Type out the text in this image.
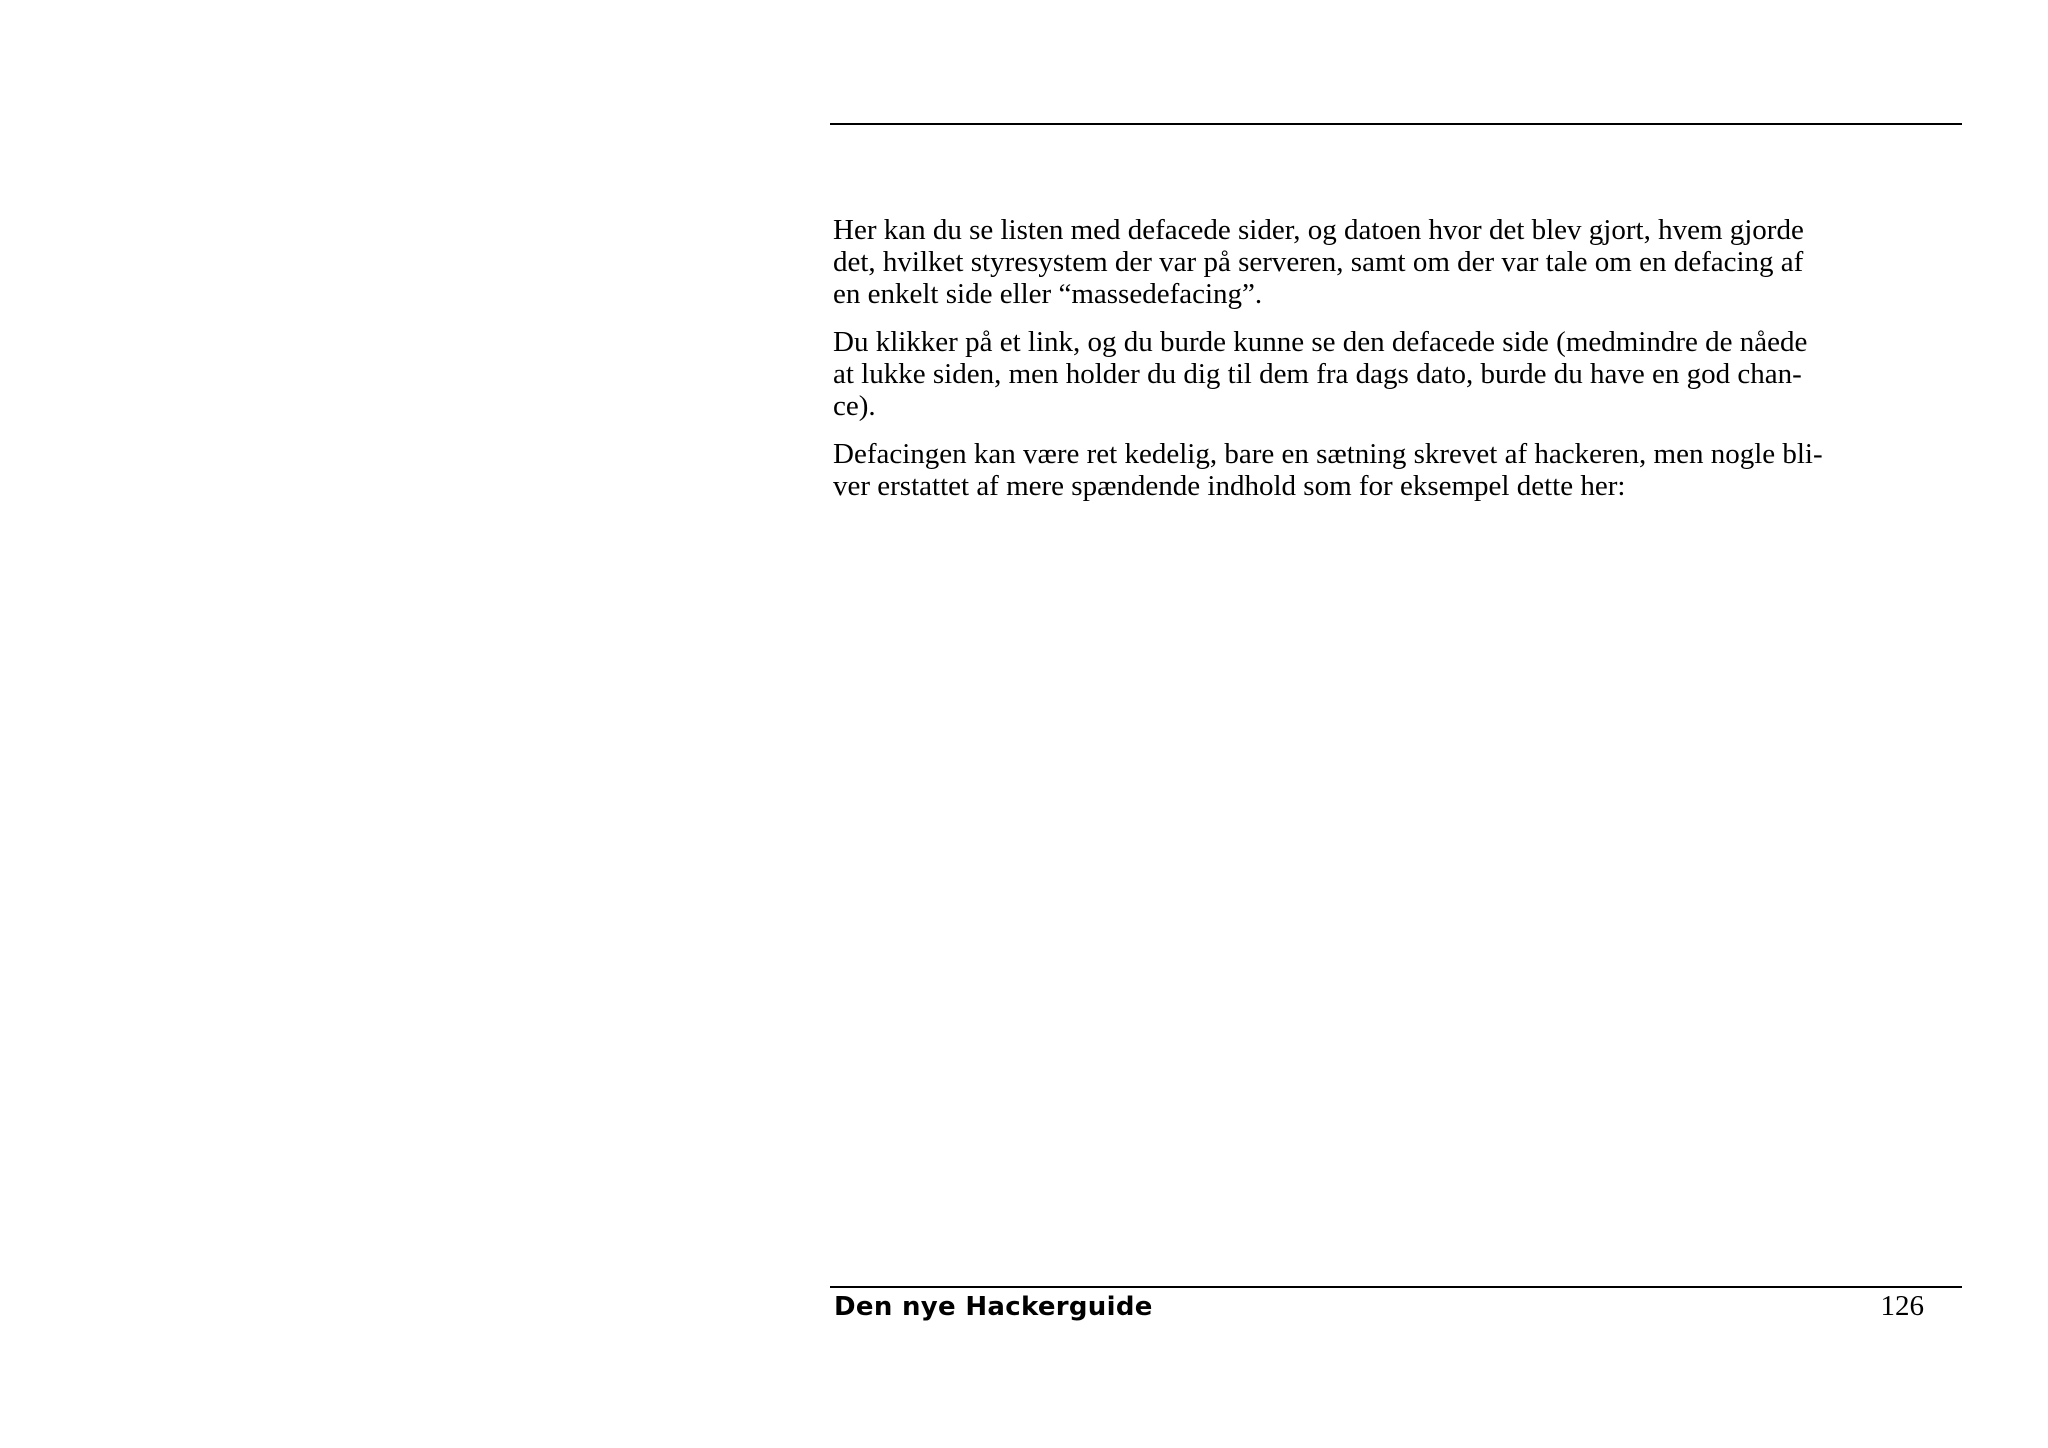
Her kan du se listen med defacede sider, og datoen hvor det blev gjort, hvem gjorde
det, hvilket styresystem der var på serveren, samt om der var tale om en defacing af
en enkelt side eller “massedefacing”.

Du klikker på et link, og du burde kunne se den defacede side (medmindre de nåede
at lukke siden, men holder du dig til dem fra dags dato, burde du have en god chan-
ce).

Defacingen kan være ret kedelig, bare en sætning skrevet af hackeren, men nogle bli-
ver erstattet af mere spændende indhold som for eksempel dette her:

Den nye Hackerguide	126
